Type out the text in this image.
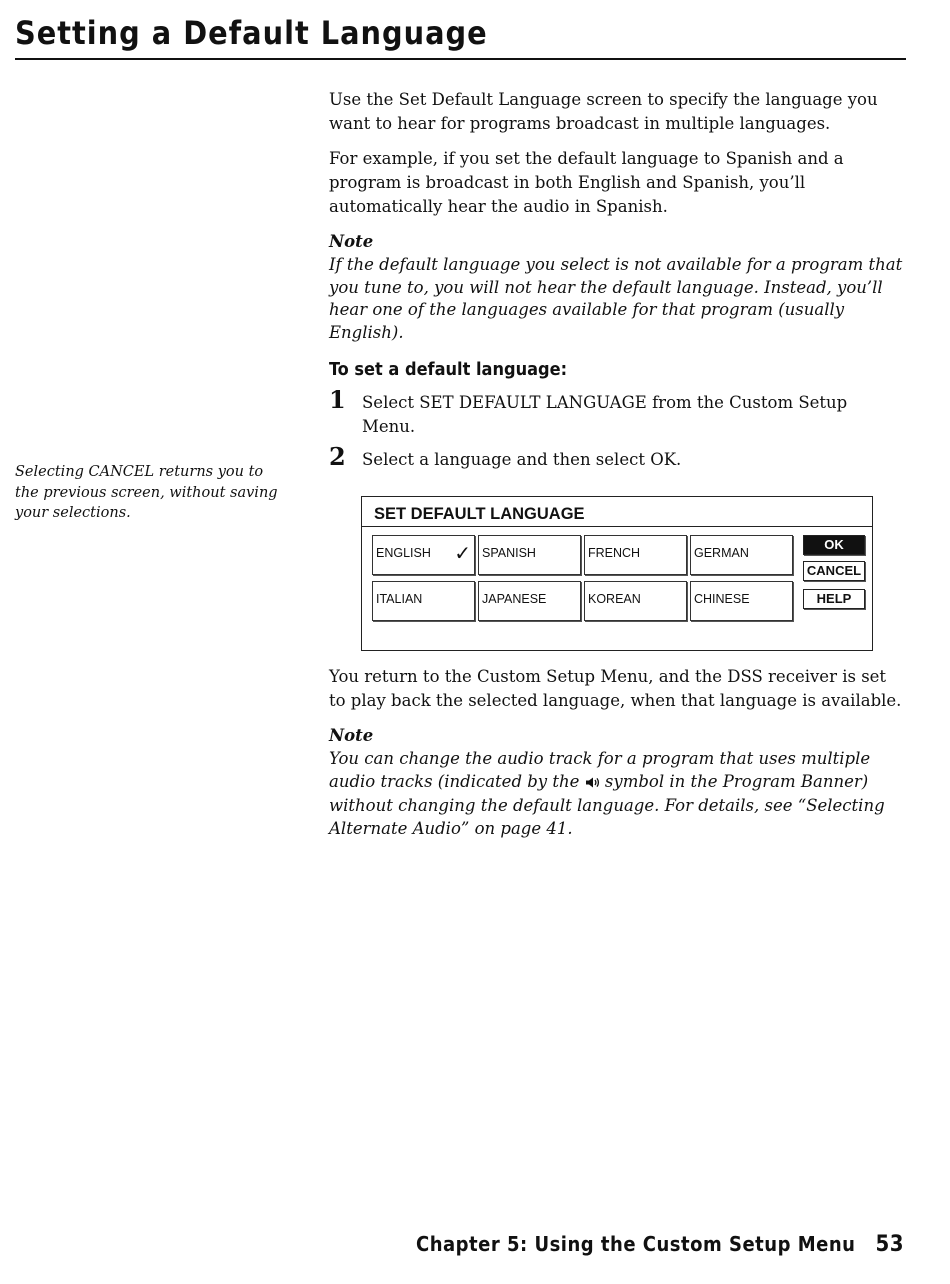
Setting a Default Language
Selecting CANCEL returns you to the previous screen, without saving your selections.

Use the Set Default Language screen to specify the language you want to hear for programs broadcast in multiple languages.

For example, if you set the default language to Spanish and a program is broadcast in both English and Spanish, you’ll automatically hear the audio in Spanish.

Note
If the default language you select is not available for a program that you tune to, you will not hear the default language. Instead, you’ll hear one of the languages available for that program (usually English).
To set a default language:
1 Select SET DEFAULT LANGUAGE from the Custom Setup Menu.
2 Select a language and then select OK.
SET DEFAULT LANGUAGE
ENGLISH ✓ SPANISH	FRENCH	GERMAN
ITALIAN	JAPANESE	KOREAN	CHINESE
OK
CANCEL
HELP

You return to the Custom Setup Menu, and the DSS receiver is set to play back the selected language, when that language is available.

Note
You can change the audio track for a program that uses multiple audio tracks (indicated by the symbol in the Program Banner) without changing the default language. For details, see “Selecting Alternate Audio” on page 41.
Chapter 5: Using the Custom Setup Menu 53
